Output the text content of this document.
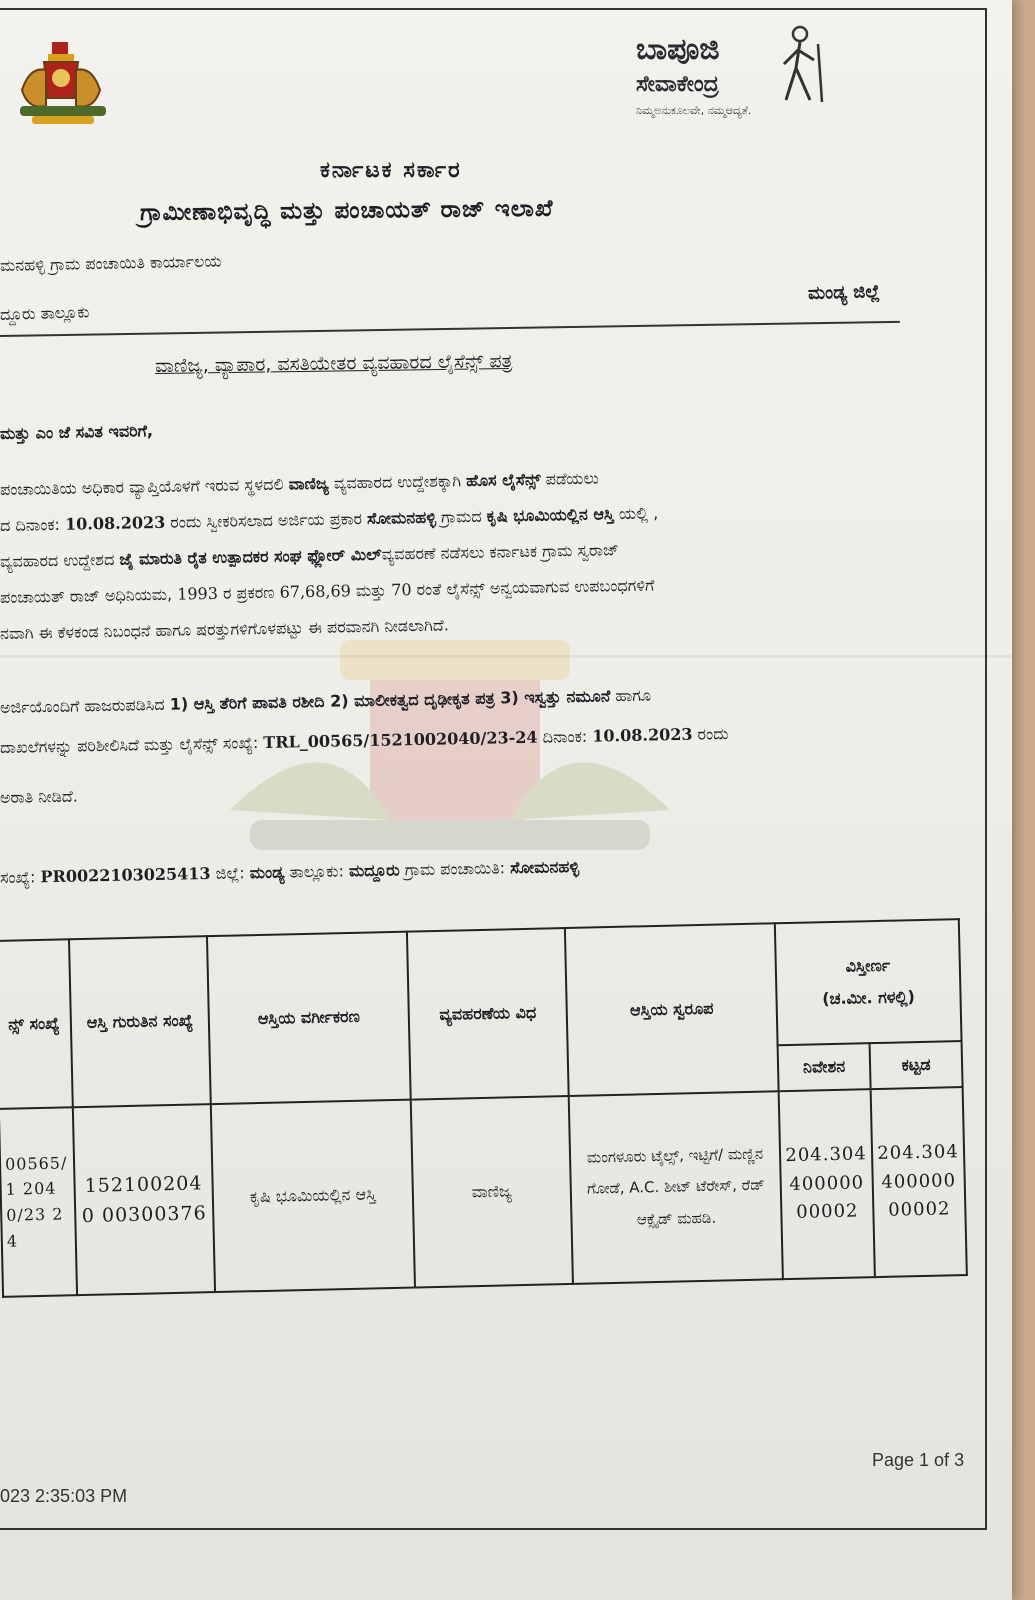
ಬಾಪೂಜಿ
ಸೇವಾಕೇಂದ್ರ
ನಿಮ್ಮಅನುಕೂಲವೇ, ನಮ್ಮಆದ್ಯತೆ.
ಕರ್ನಾಟಕ ಸರ್ಕಾರ
ಗ್ರಾಮೀಣಾಭಿವೃದ್ಧಿ ಮತ್ತು ಪಂಚಾಯತ್ ರಾಜ್ ಇಲಾಖೆ
ಮನಹಳ್ಳಿ ಗ್ರಾಮ ಪಂಚಾಯಿತಿ ಕಾರ್ಯಾಲಯ
ದ್ದೂರು ತಾಲ್ಲೂಕು
ಮಂಡ್ಯ ಜಿಲ್ಲೆ
ವಾಣಿಜ್ಯ, ವ್ಯಾಪಾರ, ವಸತಿಯೇತರ ವ್ಯವಹಾರದ ಲೈಸೆನ್ಸ್ ಪತ್ರ
ಮತ್ತು ಎಂ ಜೆ ಸವಿತ ಇವರಿಗೆ,
ಪಂಚಾಯಿತಿಯ ಅಧಿಕಾರ ವ್ಯಾಪ್ತಿಯೊಳಗೆ ಇರುವ ಸ್ಥಳದಲಿ ವಾಣಿಜ್ಯ ವ್ಯವಹಾರದ ಉದ್ದೇಶಕ್ಕಾಗಿ ಹೊಸ ಲೈಸೆನ್ಸ್ ಪಡೆಯಲು
ದ ದಿನಾಂಕ: 10.08.2023 ರಂದು ಸ್ವೀಕರಿಸಲಾದ ಅರ್ಜಿಯ ಪ್ರಕಾರ ಸೋಮನಹಳ್ಳಿ ಗ್ರಾಮದ ಕೃಷಿ ಭೂಮಿಯಲ್ಲಿನ ಆಸ್ತಿ ಯಲ್ಲಿ ,
ವ್ಯವಹಾರದ ಉದ್ದೇಶದ ಜೈ ಮಾರುತಿ ರೈತ ಉತ್ಪಾದಕರ ಸಂಘ ಫ್ಲೋರ್ ಮಿಲ್ವ್ಯವಹರಣೆ ನಡೆಸಲು ಕರ್ನಾಟಕ ಗ್ರಾಮ ಸ್ವರಾಜ್
ಪಂಚಾಯತ್ ರಾಜ್ ಅಧಿನಿಯಮ, 1993 ರ ಪ್ರಕರಣ 67,68,69 ಮತ್ತು 70 ರಂತೆ ಲೈಸೆನ್ಸ್ ಅನ್ವಯವಾಗುವ ಉಪಬಂಧಗಳಿಗೆ
ನವಾಗಿ ಈ ಕೆಳಕಂಡ ನಿಬಂಧನೆ ಹಾಗೂ ಷರತ್ತುಗಳಿಗೊಳಪಟ್ಟು ಈ ಪರವಾನಗಿ ನೀಡಲಾಗಿದೆ.
ಅರ್ಜಿಯೊಂದಿಗೆ ಹಾಜರುಪಡಿಸಿದ 1) ಆಸ್ತಿ ತೆರಿಗೆ ಪಾವತಿ ರಶೀದಿ 2) ಮಾಲೀಕತ್ವದ ದೃಢೀಕೃತ ಪತ್ರ 3) ಇಸ್ವತ್ತು ನಮೂನೆ ಹಾಗೂ
ದಾಖಲೆಗಳನ್ನು ಪರಿಶೀಲಿಸಿದೆ ಮತ್ತು ಲೈಸೆನ್ಸ್ ಸಂಖ್ಯೆ: TRL_00565/1521002040/23-24 ದಿನಾಂಕ: 10.08.2023 ರಂದು
ಅರಾತಿ ನೀಡಿದೆ.
ಸಂಖ್ಯೆ: PR0022103025413 ಜಿಲ್ಲೆ: ಮಂಡ್ಯ ತಾಲ್ಲೂಕು: ಮದ್ದೂರು ಗ್ರಾಮ ಪಂಚಾಯಿತಿ: ಸೋಮನಹಳ್ಳಿ
ನ್ಸ್ ಸಂಖ್ಯೆ	ಆಸ್ತಿ ಗುರುತಿನ ಸಂಖ್ಯೆ	ಆಸ್ತಿಯ ವರ್ಗೀಕರಣ	ವ್ಯವಹರಣೆಯ ವಿಧ	ಆಸ್ತಿಯ ಸ್ವರೂಪ	ವಿಸ್ತೀರ್ಣ
(ಚ.ಮೀ. ಗಳಲ್ಲಿ)	

					ನಿವೇಶನ	ಕಟ್ಟಡ
00565/1 2040/23 24	1521002040 00300376	ಕೃಷಿ ಭೂಮಿಯಲ್ಲಿನ ಆಸ್ತಿ	ವಾಣಿಜ್ಯ	ಮಂಗಳೂರು ಟೈಲ್ಸ್, ಇಟ್ಟಿಗೆ/ ಮಣ್ಣಿನ ಗೋಡೆ, A.C. ಶೀಟ್ ಟೆರೇಸ್, ರೆಡ್ ಆಕ್ಸೈಡ್ ಮಹಡಿ.	204.304 400000 00002	204.304 400000 00002
Page 1 of 3
023 2:35:03 PM
